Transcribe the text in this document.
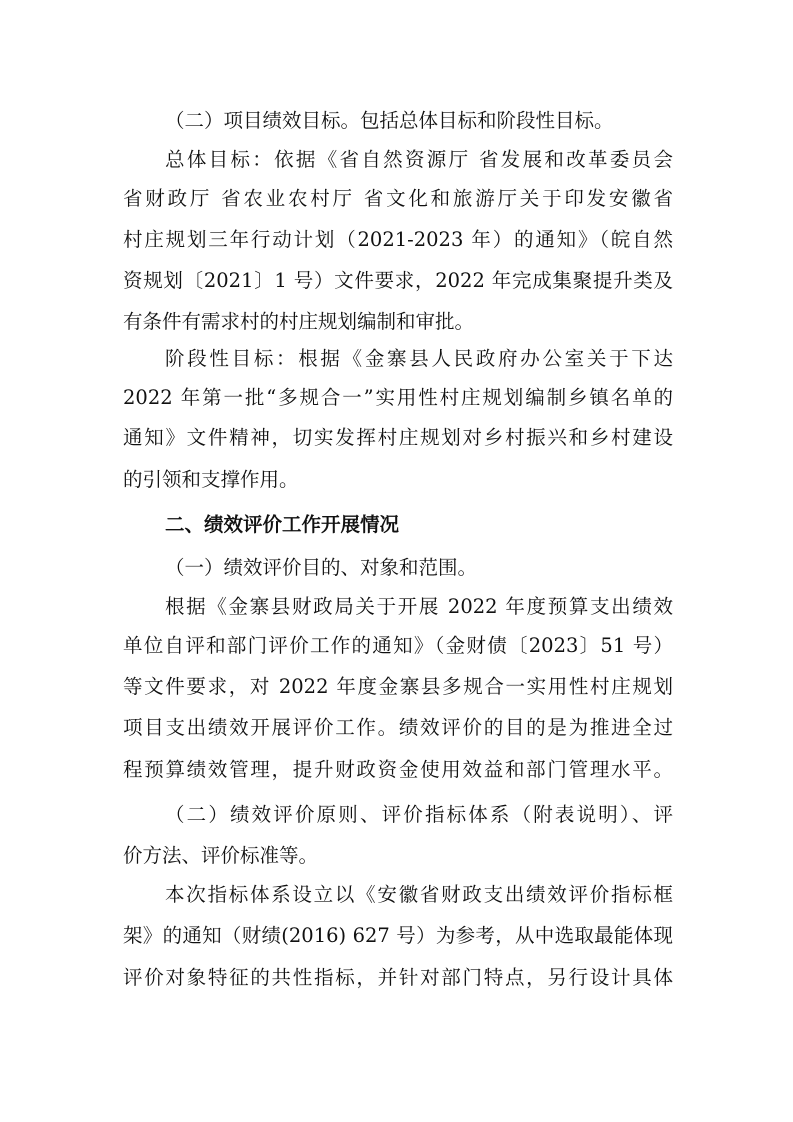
（二）项目绩效目标。包括总体目标和阶段性目标。
总体目标：依据《省自然资源厅 省发展和改革委员会
省财政厅 省农业农村厅 省文化和旅游厅关于印发安徽省
村庄规划三年行动计划（2021-2023 年）的通知》（皖自然
资规划〔2021〕1 号）文件要求，2022 年完成集聚提升类及
有条件有需求村的村庄规划编制和审批。
阶段性目标：根据《金寨县人民政府办公室关于下达
2022 年第一批“多规合一”实用性村庄规划编制乡镇名单的
通知》文件精神，切实发挥村庄规划对乡村振兴和乡村建设
的引领和支撑作用。
二、绩效评价工作开展情况
（一）绩效评价目的、对象和范围。
根据《金寨县财政局关于开展 2022 年度预算支出绩效
单位自评和部门评价工作的通知》（金财债〔2023〕51 号）
等文件要求，对 2022 年度金寨县多规合一实用性村庄规划
项目支出绩效开展评价工作。绩效评价的目的是为推进全过
程预算绩效管理，提升财政资金使用效益和部门管理水平。
（二）绩效评价原则、评价指标体系（附表说明）、评
价方法、评价标准等。
本次指标体系设立以《安徽省财政支出绩效评价指标框
架》的通知（财绩(2016) 627 号）为参考，从中选取最能体现
评价对象特征的共性指标，并针对部门特点，另行设计具体
